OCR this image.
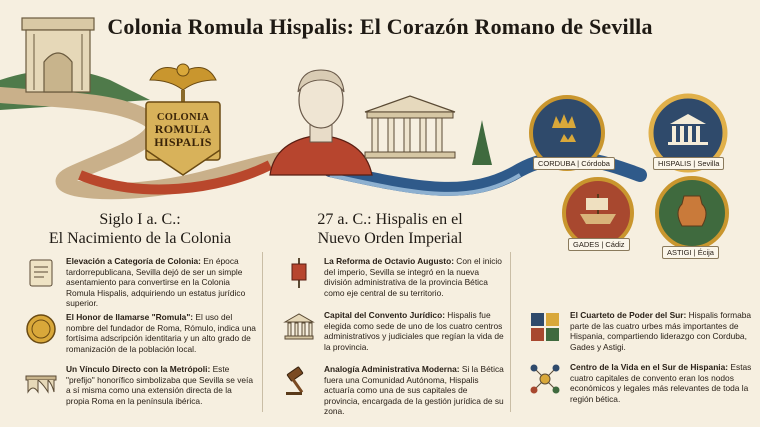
Colonia Romula Hispalis: El Corazón Romano de Sevilla
COLONIA
ROMULA
HISPALIS
CORDUBA | Córdoba	HISPALIS | Sevilla
GADES | Cádiz
ASTIGI | Écija
Siglo I a. C.:
El Nacimiento de la Colonia
27 a. C.: Hispalis en el
Nuevo Orden Imperial
Elevación a Categoría de Colonia: En época tardorrepublicana, Sevilla dejó de ser un simple asentamiento para convertirse en la Colonia Romula Hispalis, adquiriendo un estatus jurídico superior.
El Honor de llamarse "Romula": El uso del nombre del fundador de Roma, Rómulo, indica una fortísima adscripción identitaria y un alto grado de romanización de la población local.
Un Vínculo Directo con la Metrópoli: Este "prefijo" honorífico simbolizaba que Sevilla se veía a sí misma como una extensión directa de la propia Roma en la península ibérica.
La Reforma de Octavio Augusto: Con el inicio del imperio, Sevilla se integró en la nueva división administrativa de la provincia Bética como eje central de su territorio.
Capital del Convento Jurídico: Hispalis fue elegida como sede de uno de los cuatro centros administrativos y judiciales que regían la vida de la provincia.
Analogía Administrativa Moderna: Si la Bética fuera una Comunidad Autónoma, Hispalis actuaría como una de sus capitales de provincia, encargada de la gestión jurídica de su zona.
El Cuarteto de Poder del Sur: Hispalis formaba parte de las cuatro urbes más importantes de Hispania, compartiendo liderazgo con Corduba, Gades y Astigi.
Centro de la Vida en el Sur de Hispania: Estas cuatro capitales de convento eran los nodos económicos y legales más relevantes de toda la región bética.
